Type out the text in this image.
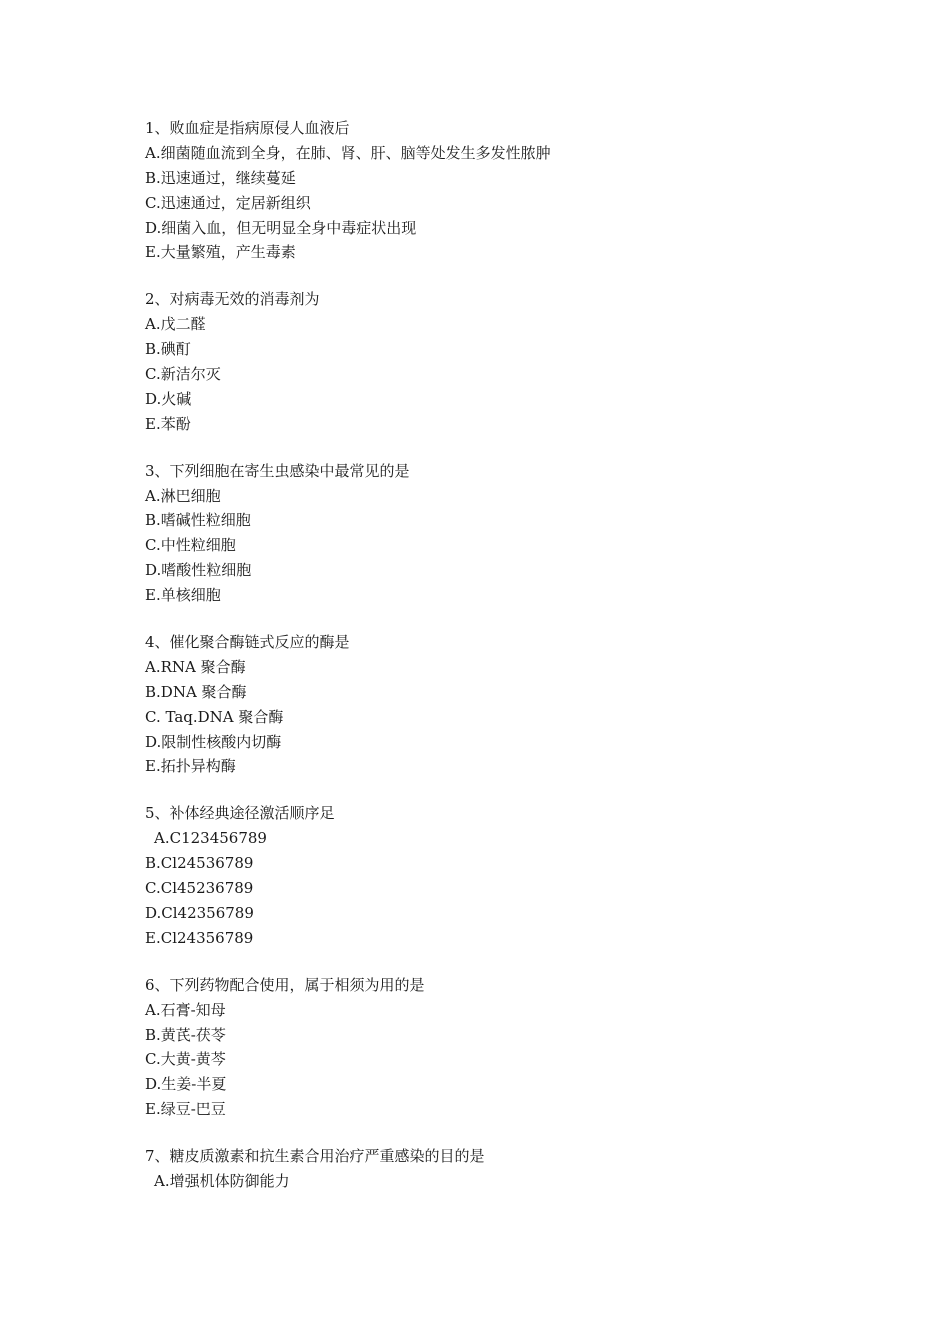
1、败血症是指病原侵人血液后
A.细菌随血流到全身，在肺、肾、肝、脑等处发生多发性脓肿
B.迅速通过，继续蔓延
C.迅速通过，定居新组织
D.细菌入血，但无明显全身中毒症状出现
E.大量繁殖，产生毒素
2、对病毒无效的消毒剂为
A.戊二醛
B.碘酊
C.新洁尔灭
D.火碱
E.苯酚
3、下列细胞在寄生虫感染中最常见的是
A.淋巴细胞
B.嗜碱性粒细胞
C.中性粒细胞
D.嗜酸性粒细胞
E.单核细胞
4、催化聚合酶链式反应的酶是
A.RNA 聚合酶
B.DNA 聚合酶
C. Taq.DNA 聚合酶
D.限制性核酸内切酶
E.拓扑异构酶
5、补体经典途径激活顺序足
A.C123456789
B.Cl24536789
C.Cl45236789
D.Cl42356789
E.Cl24356789
6、下列药物配合使用，属于相须为用的是
A.石膏-知母
B.黄芪-茯苓
C.大黄-黄芩
D.生姜-半夏
E.绿豆-巴豆
7、糖皮质激素和抗生素合用治疗严重感染的目的是
A.增强机体防御能力
